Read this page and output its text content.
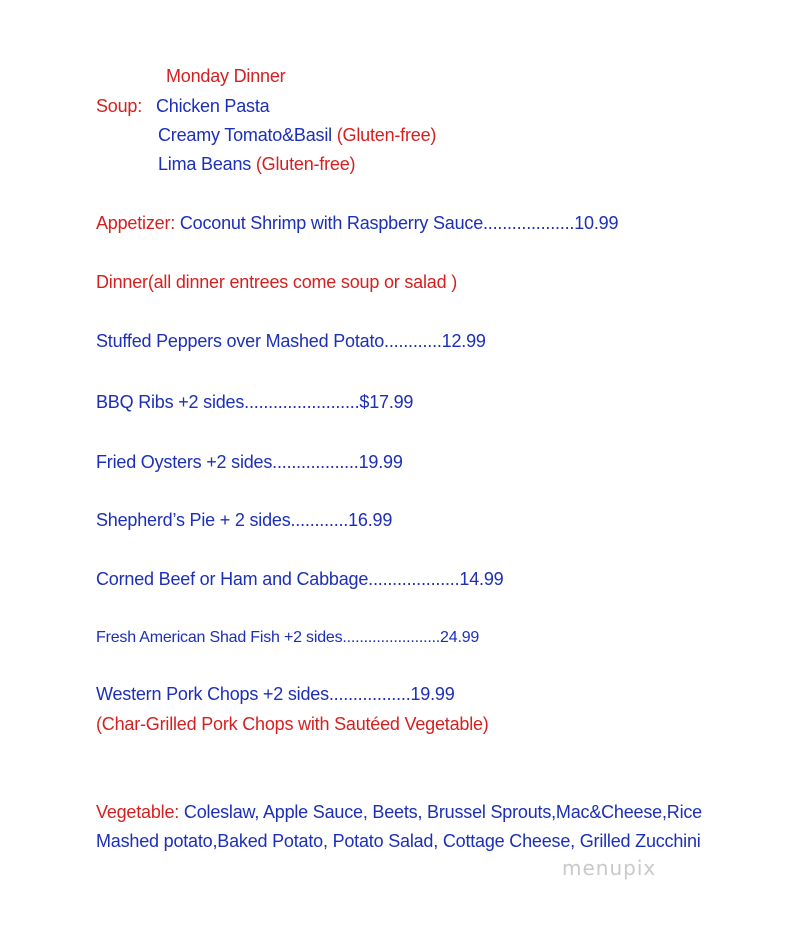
Monday Dinner
Soup: Chicken Pasta
Creamy Tomato&Basil (Gluten-free)
Lima Beans (Gluten-free)
Appetizer: Coconut Shrimp with Raspberry Sauce...................10.99
Dinner(all dinner entrees come soup or salad )
Stuffed Peppers over Mashed Potato............12.99
BBQ Ribs +2 sides........................$17.99
Fried Oysters +2 sides..................19.99
Shepherd’s Pie + 2 sides............16.99
Corned Beef or Ham and Cabbage...................14.99
Fresh American Shad Fish +2 sides.......................24.99
Western Pork Chops +2 sides.................19.99
(Char-Grilled Pork Chops with Sautéed Vegetable)
Vegetable: Coleslaw, Apple Sauce, Beets, Brussel Sprouts,Mac&Cheese,Rice
Mashed potato,Baked Potato, Potato Salad, Cottage Cheese, Grilled Zucchini
menupix
